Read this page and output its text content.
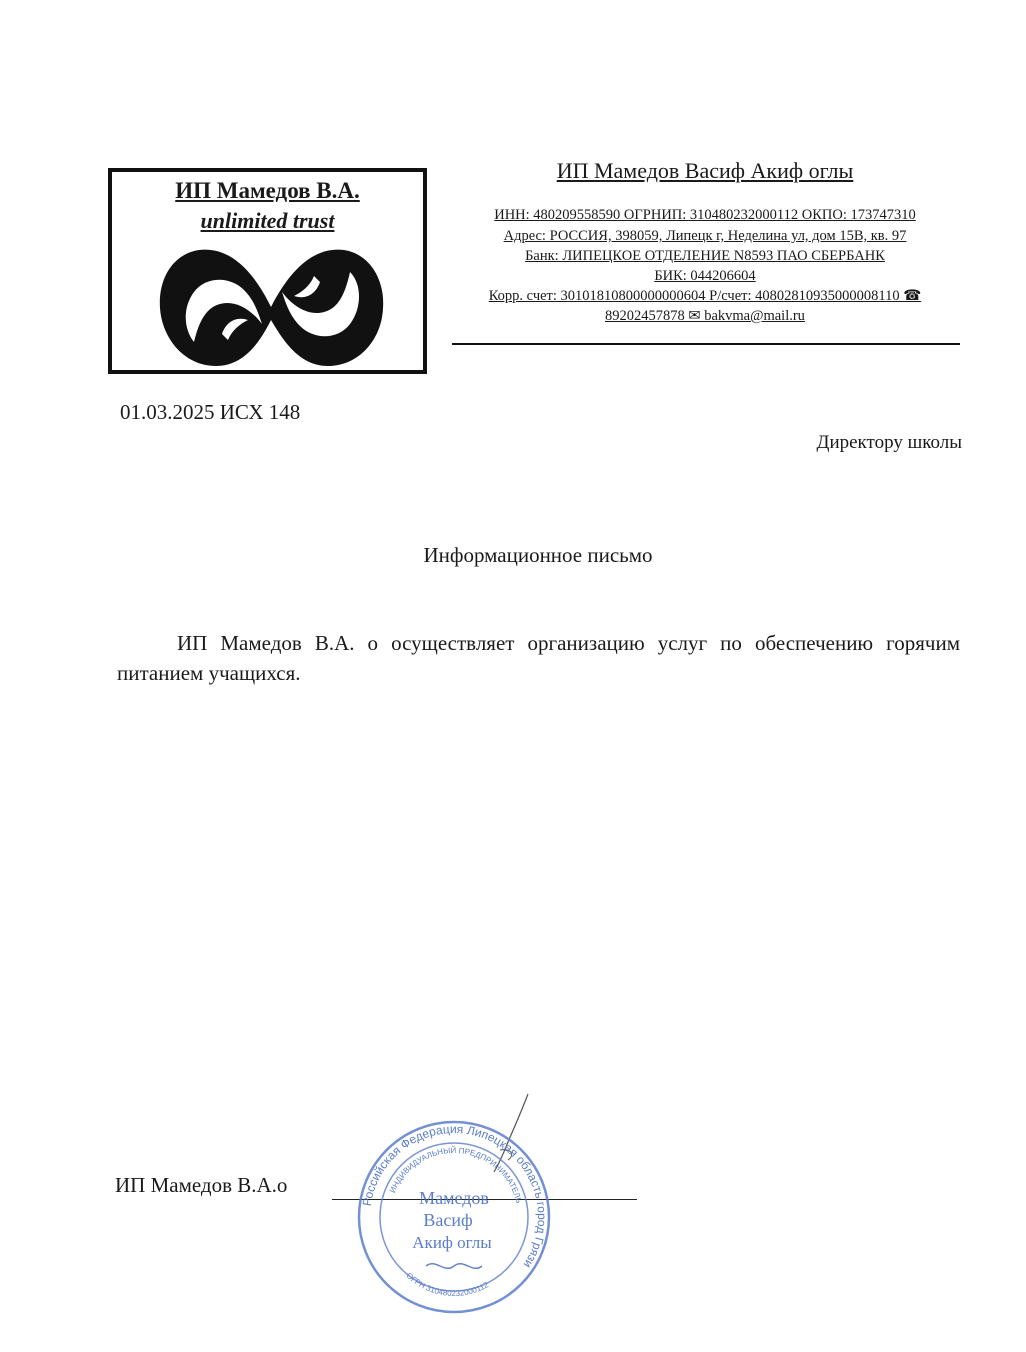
ИП Мамедов В.А.
unlimited trust
ИП Мамедов Васиф Акиф оглы
ИНН: 480209558590 ОГРНИП: 310480232000112 ОКПО: 173747310
Адрес: РОССИЯ, 398059, Липецк г, Неделина ул, дом 15В, кв. 97
Банк: ЛИПЕЦКОЕ ОТДЕЛЕНИЕ N8593 ПАО СБЕРБАНК
БИК: 044206604
Корр. счет: 30101810800000000604 Р/счет: 40802810935000008110 ☎
89202457878 ✉ bakvma@mail.ru
01.03.2025 ИСХ 148
Директору школы
Информационное письмо
ИП Мамедов В.А. о осуществляет организацию услуг по обеспечению горячим питанием учащихся.
ИП Мамедов В.А.о
Российская Федерация Липецкая область город Грязи
ИНДИВИДУАЛЬНЫЙ ПРЕДПРИНИМАТЕЛЬ
ОГРН 310480232000112
Мамедов
Васиф
Акиф оглы
